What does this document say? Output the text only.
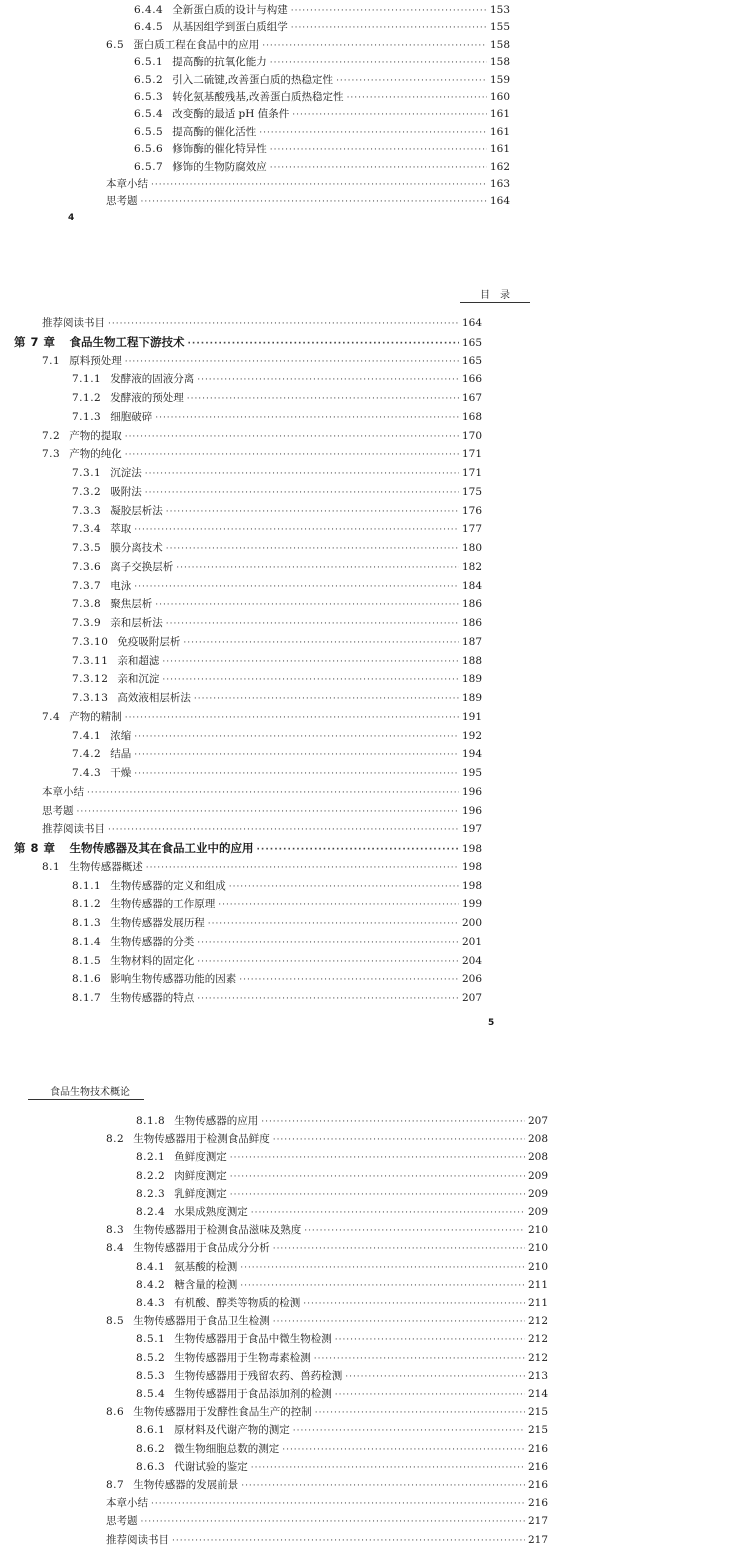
6.4.4 全新蛋白质的设计与构建 ·····	153
6.4.5 从基因组学到蛋白质组学 ·····	155
6.5 蛋白质工程在食品中的应用 ·····	158
6.5.1 提高酶的抗氧化能力 ·····	158
6.5.2 引入二硫键,改善蛋白质的热稳定性 ·····	159
6.5.3 转化氨基酸残基,改善蛋白质热稳定性 ·····	160
6.5.4 改变酶的最适 pH 值条件 ·····	161
6.5.5 提高酶的催化活性 ·····	161
6.5.6 修饰酶的催化特异性 ·····	161
6.5.7 修饰的生物防腐效应 ·····	162
本章小结 ·····	163
思考题 ·····	164
4
目　录
推荐阅读书目 ·····	164
第 7 章 食品生物工程下游技术 ·····	165
7.1 原料预处理 ·····	165
7.1.1 发酵液的固液分离 ·····	166
7.1.2 发酵液的预处理 ·····	167
7.1.3 细胞破碎 ·····	168
7.2 产物的提取 ·····	170
7.3 产物的纯化 ·····	171
7.3.1 沉淀法 ·····	171
7.3.2 吸附法 ·····	175
7.3.3 凝胶层析法 ·····	176
7.3.4 萃取 ·····	177
7.3.5 膜分离技术 ·····	180
7.3.6 离子交换层析 ·····	182
7.3.7 电泳 ·····	184
7.3.8 聚焦层析 ·····	186
7.3.9 亲和层析法 ·····	186
7.3.10 免疫吸附层析 ·····	187
7.3.11 亲和超滤 ·····	188
7.3.12 亲和沉淀 ·····	189
7.3.13 高效液相层析法 ·····	189
7.4 产物的精制 ·····	191
7.4.1 浓缩 ·····	192
7.4.2 结晶 ·····	194
7.4.3 干燥 ·····	195
本章小结 ·····	196
思考题 ·····	196
推荐阅读书目 ·····	197
第 8 章 生物传感器及其在食品工业中的应用 ·····	198
8.1 生物传感器概述 ·····	198
8.1.1 生物传感器的定义和组成 ·····	198
8.1.2 生物传感器的工作原理 ·····	199
8.1.3 生物传感器发展历程 ·····	200
8.1.4 生物传感器的分类 ·····	201
8.1.5 生物材料的固定化 ·····	204
8.1.6 影响生物传感器功能的因素 ·····	206
8.1.7 生物传感器的特点 ·····	207
5
食品生物技术概论
8.1.8 生物传感器的应用 ·····	207
8.2 生物传感器用于检测食品鲜度 ·····	208
8.2.1 鱼鲜度测定 ·····	208
8.2.2 肉鲜度测定 ·····	209
8.2.3 乳鲜度测定 ·····	209
8.2.4 水果成熟度测定 ·····	209
8.3 生物传感器用于检测食品滋味及熟度 ·····	210
8.4 生物传感器用于食品成分分析 ·····	210
8.4.1 氨基酸的检测 ·····	210
8.4.2 糖含量的检测 ·····	211
8.4.3 有机酸、醇类等物质的检测 ·····	211
8.5 生物传感器用于食品卫生检测 ·····	212
8.5.1 生物传感器用于食品中微生物检测 ·····	212
8.5.2 生物传感器用于生物毒素检测 ·····	212
8.5.3 生物传感器用于残留农药、兽药检测 ·····	213
8.5.4 生物传感器用于食品添加剂的检测 ·····	214
8.6 生物传感器用于发酵性食品生产的控制 ·····	215
8.6.1 原材料及代谢产物的测定 ·····	215
8.6.2 微生物细胞总数的测定 ·····	216
8.6.3 代谢试验的鉴定 ·····	216
8.7 生物传感器的发展前景 ·····	216
本章小结 ·····	216
思考题 ·····	217
推荐阅读书目 ·····	217
